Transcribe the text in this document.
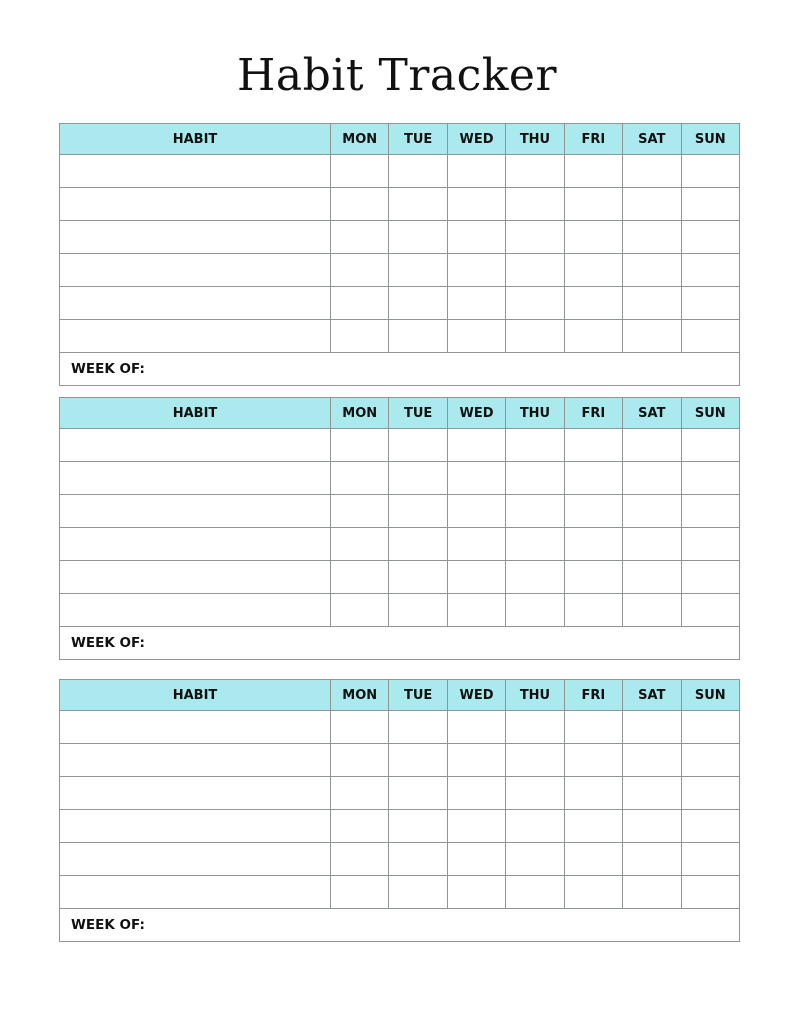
Habit Tracker
HABIT	MON	TUE	WED	THU	FRI	SAT	SUN

WEEK OF:							
HABIT	MON	TUE	WED	THU	FRI	SAT	SUN

WEEK OF:							
HABIT	MON	TUE	WED	THU	FRI	SAT	SUN

WEEK OF:							
